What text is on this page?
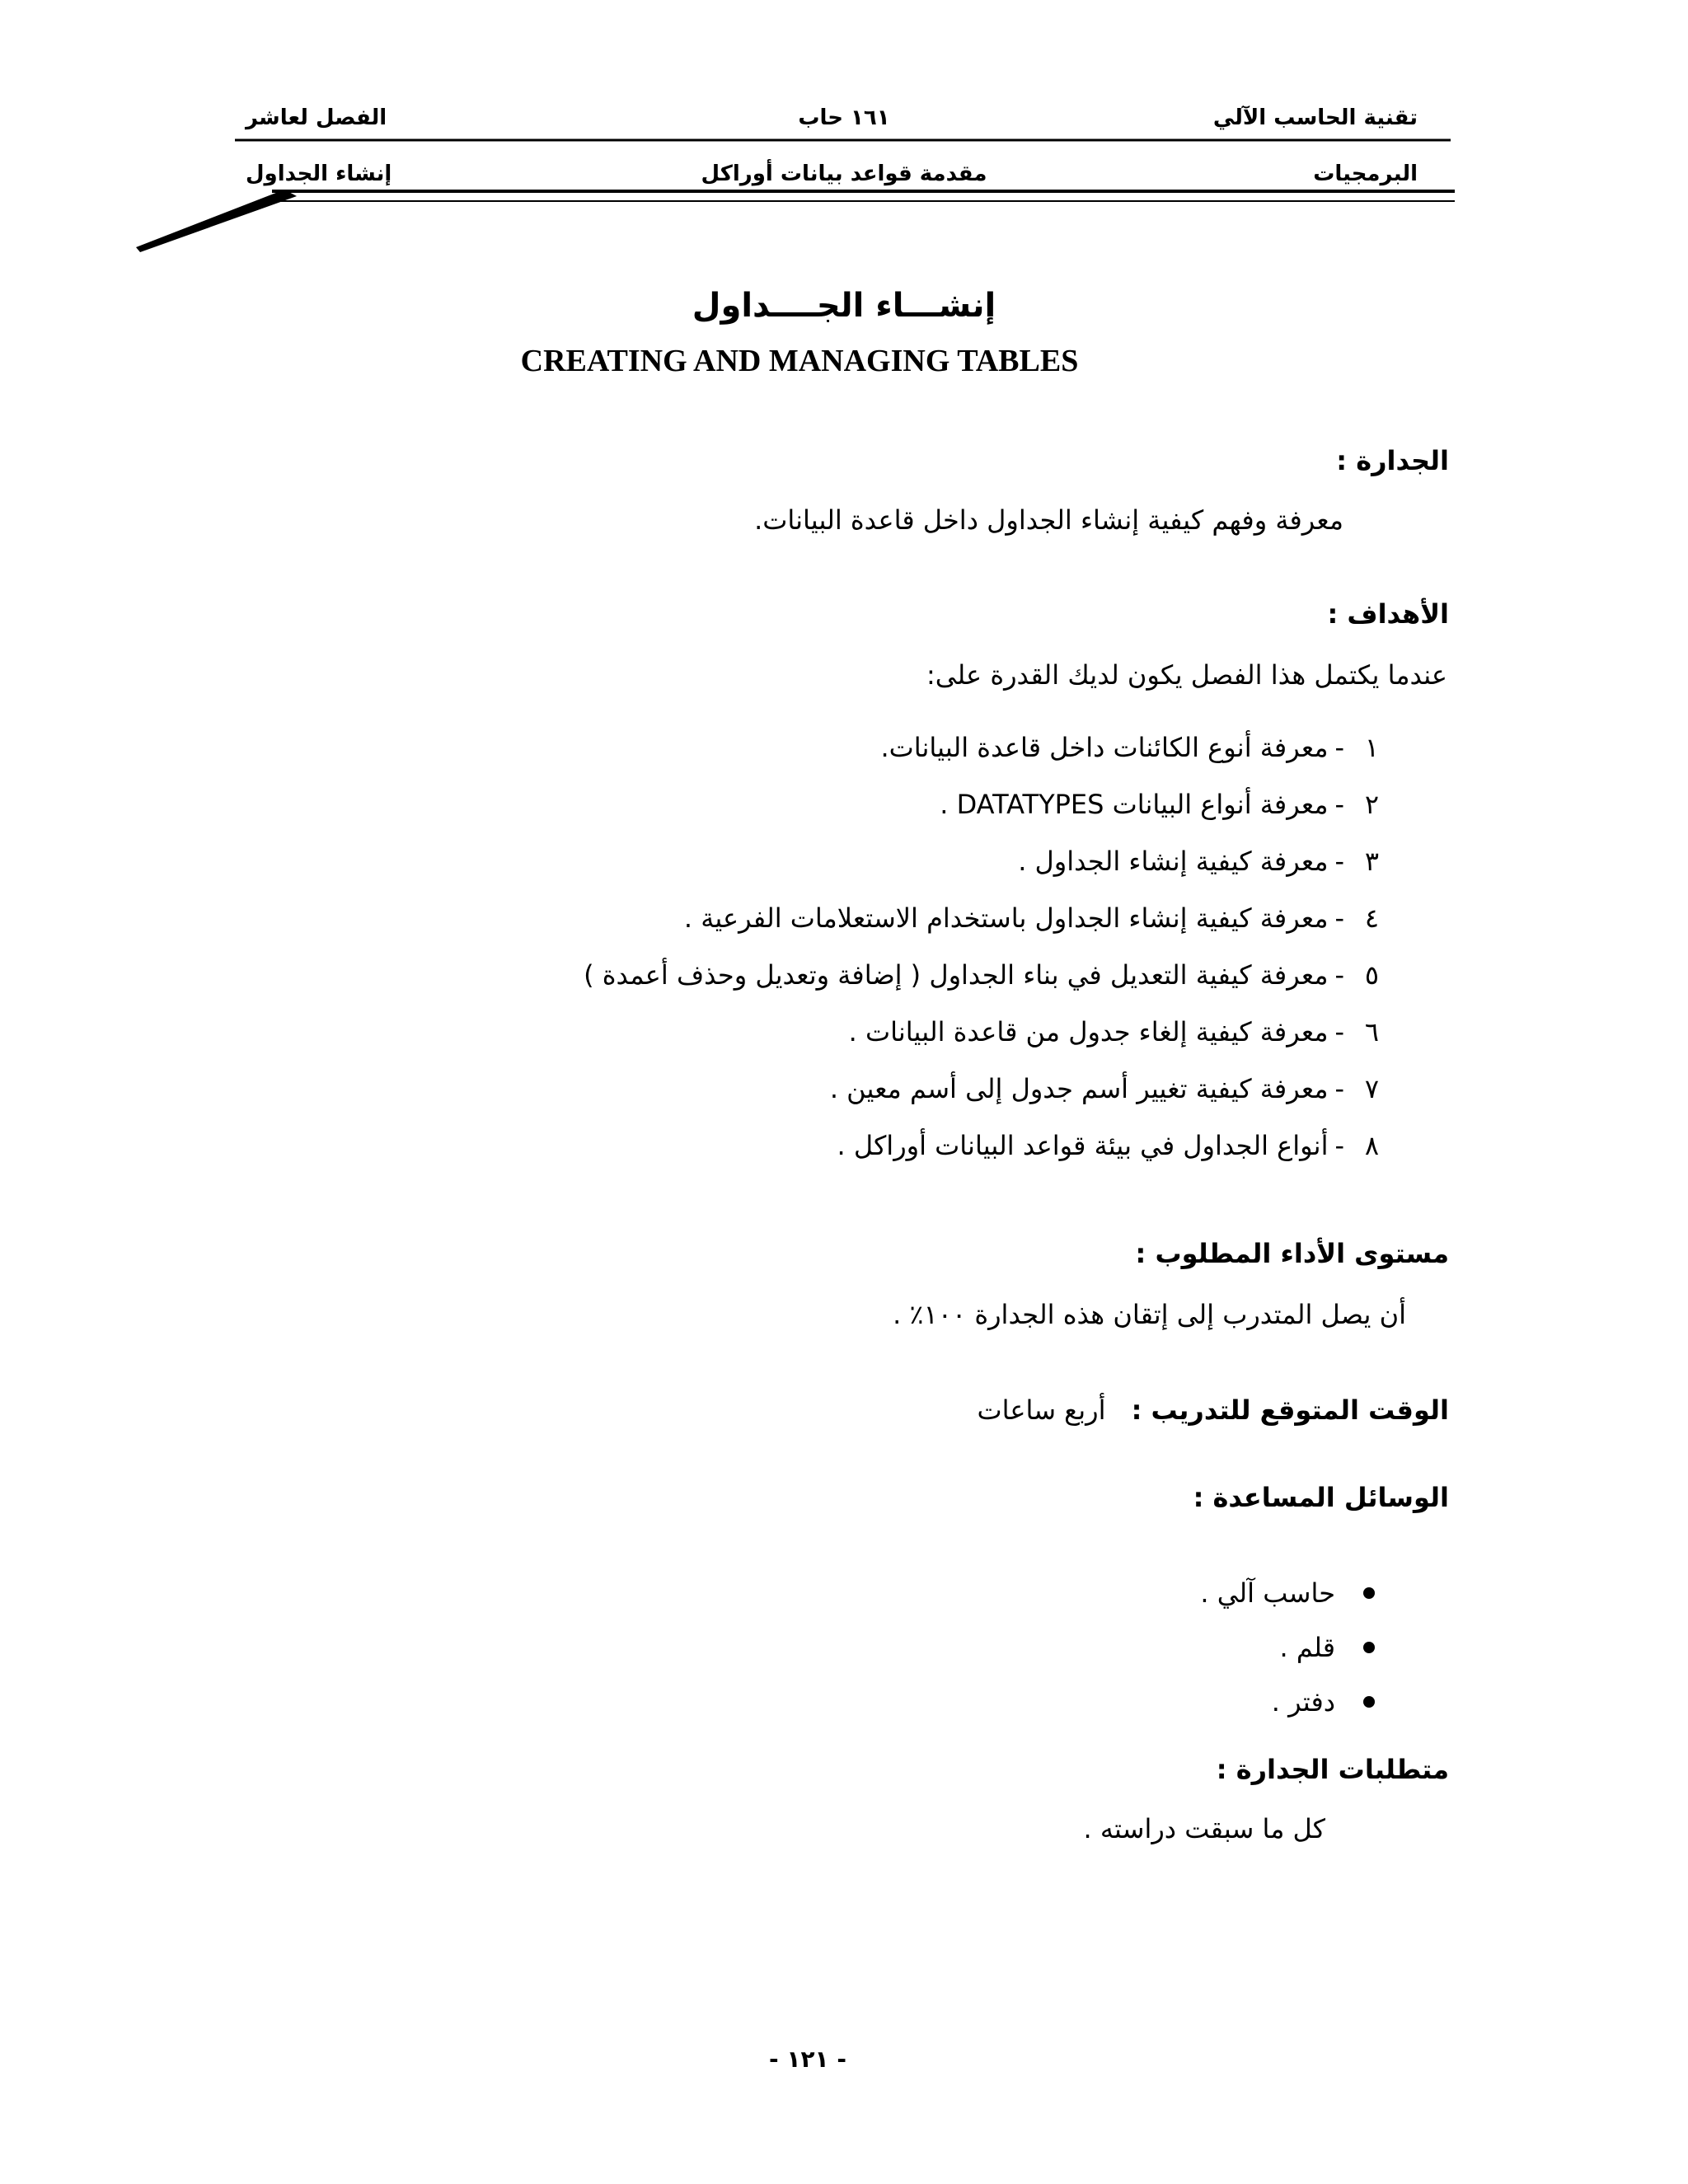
تقنية الحاسب الآلي
١٦١ حاب
الفصل لعاشر
البرمجيات
مقدمة قواعد بيانات أوراكل
إنشاء الجداول
إنشـــاء الجــــداول
CREATING AND MANAGING TABLES
الجدارة :
معرفة وفهم كيفية إنشاء الجداول داخل قاعدة البيانات.
الأهداف :
عندما يكتمل هذا الفصل يكون لديك القدرة على:
١
-
معرفة أنوع الكائنات داخل قاعدة البيانات.
٢
-
معرفة أنواع البيانات DATATYPES .
٣
-
معرفة كيفية إنشاء الجداول .
٤
-
معرفة كيفية إنشاء الجداول باستخدام الاستعلامات الفرعية .
٥
-
معرفة كيفية التعديل في بناء الجداول ( إضافة وتعديل وحذف أعمدة )
٦
-
معرفة كيفية إلغاء جدول من قاعدة البيانات .
٧
-
معرفة كيفية تغيير أسم جدول إلى أسم معين .
٨
-
أنواع الجداول في بيئة قواعد البيانات أوراكل .
مستوى الأداء المطلوب :
أن يصل المتدرب إلى إتقان هذه الجدارة ١٠٠٪ .
الوقت المتوقع للتدريب : أربع ساعات
الوسائل المساعدة :
حاسب آلي .
قلم .
دفتر .
متطلبات الجدارة :
كل ما سبقت دراسته .
- ١٢١ -
